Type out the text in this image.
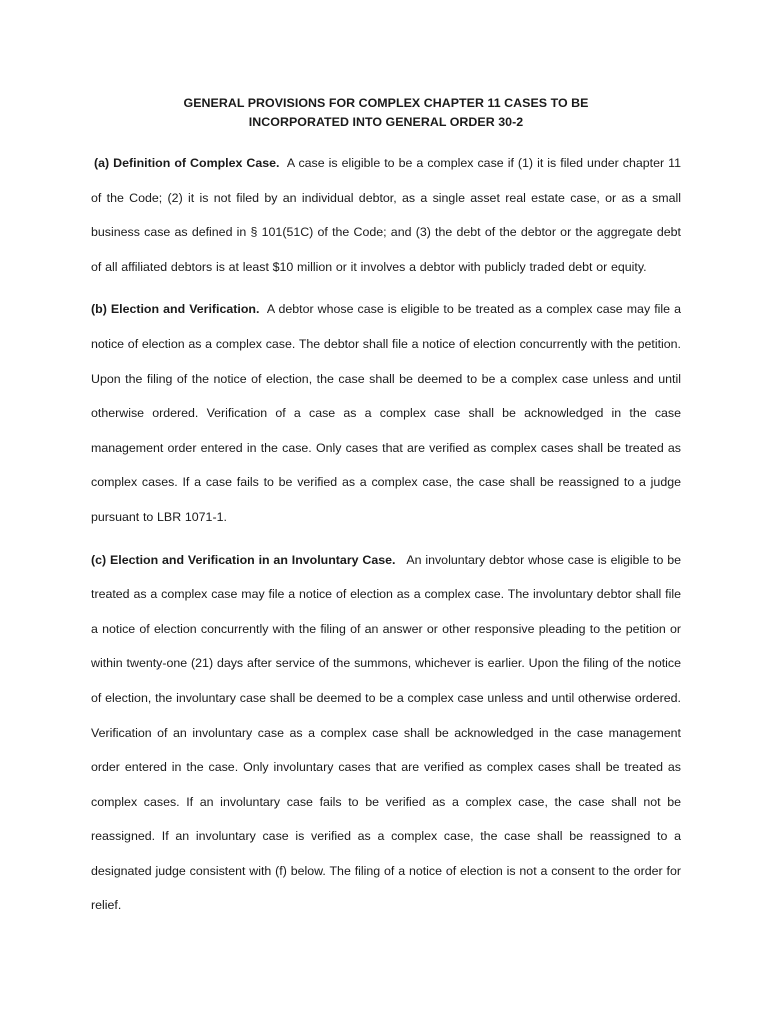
GENERAL PROVISIONS FOR COMPLEX CHAPTER 11 CASES TO BE
INCORPORATED INTO GENERAL ORDER 30-2

(a) Definition of Complex Case. A case is eligible to be a complex case if (1) it is filed under chapter 11 of the Code; (2) it is not filed by an individual debtor, as a single asset real estate case, or as a small business case as defined in § 101(51C) of the Code; and (3) the debt of the debtor or the aggregate debt of all affiliated debtors is at least $10 million or it involves a debtor with publicly traded debt or equity.

(b) Election and Verification. A debtor whose case is eligible to be treated as a complex case may file a notice of election as a complex case. The debtor shall file a notice of election concurrently with the petition. Upon the filing of the notice of election, the case shall be deemed to be a complex case unless and until otherwise ordered. Verification of a case as a complex case shall be acknowledged in the case management order entered in the case. Only cases that are verified as complex cases shall be treated as complex cases. If a case fails to be verified as a complex case, the case shall be reassigned to a judge pursuant to LBR 1071-1.

(c) Election and Verification in an Involuntary Case. An involuntary debtor whose case is eligible to be treated as a complex case may file a notice of election as a complex case. The involuntary debtor shall file a notice of election concurrently with the filing of an answer or other responsive pleading to the petition or within twenty-one (21) days after service of the summons, whichever is earlier. Upon the filing of the notice of election, the involuntary case shall be deemed to be a complex case unless and until otherwise ordered. Verification of an involuntary case as a complex case shall be acknowledged in the case management order entered in the case. Only involuntary cases that are verified as complex cases shall be treated as complex cases. If an involuntary case fails to be verified as a complex case, the case shall not be reassigned. If an involuntary case is verified as a complex case, the case shall be reassigned to a designated judge consistent with (f) below. The filing of a notice of election is not a consent to the order for relief.
